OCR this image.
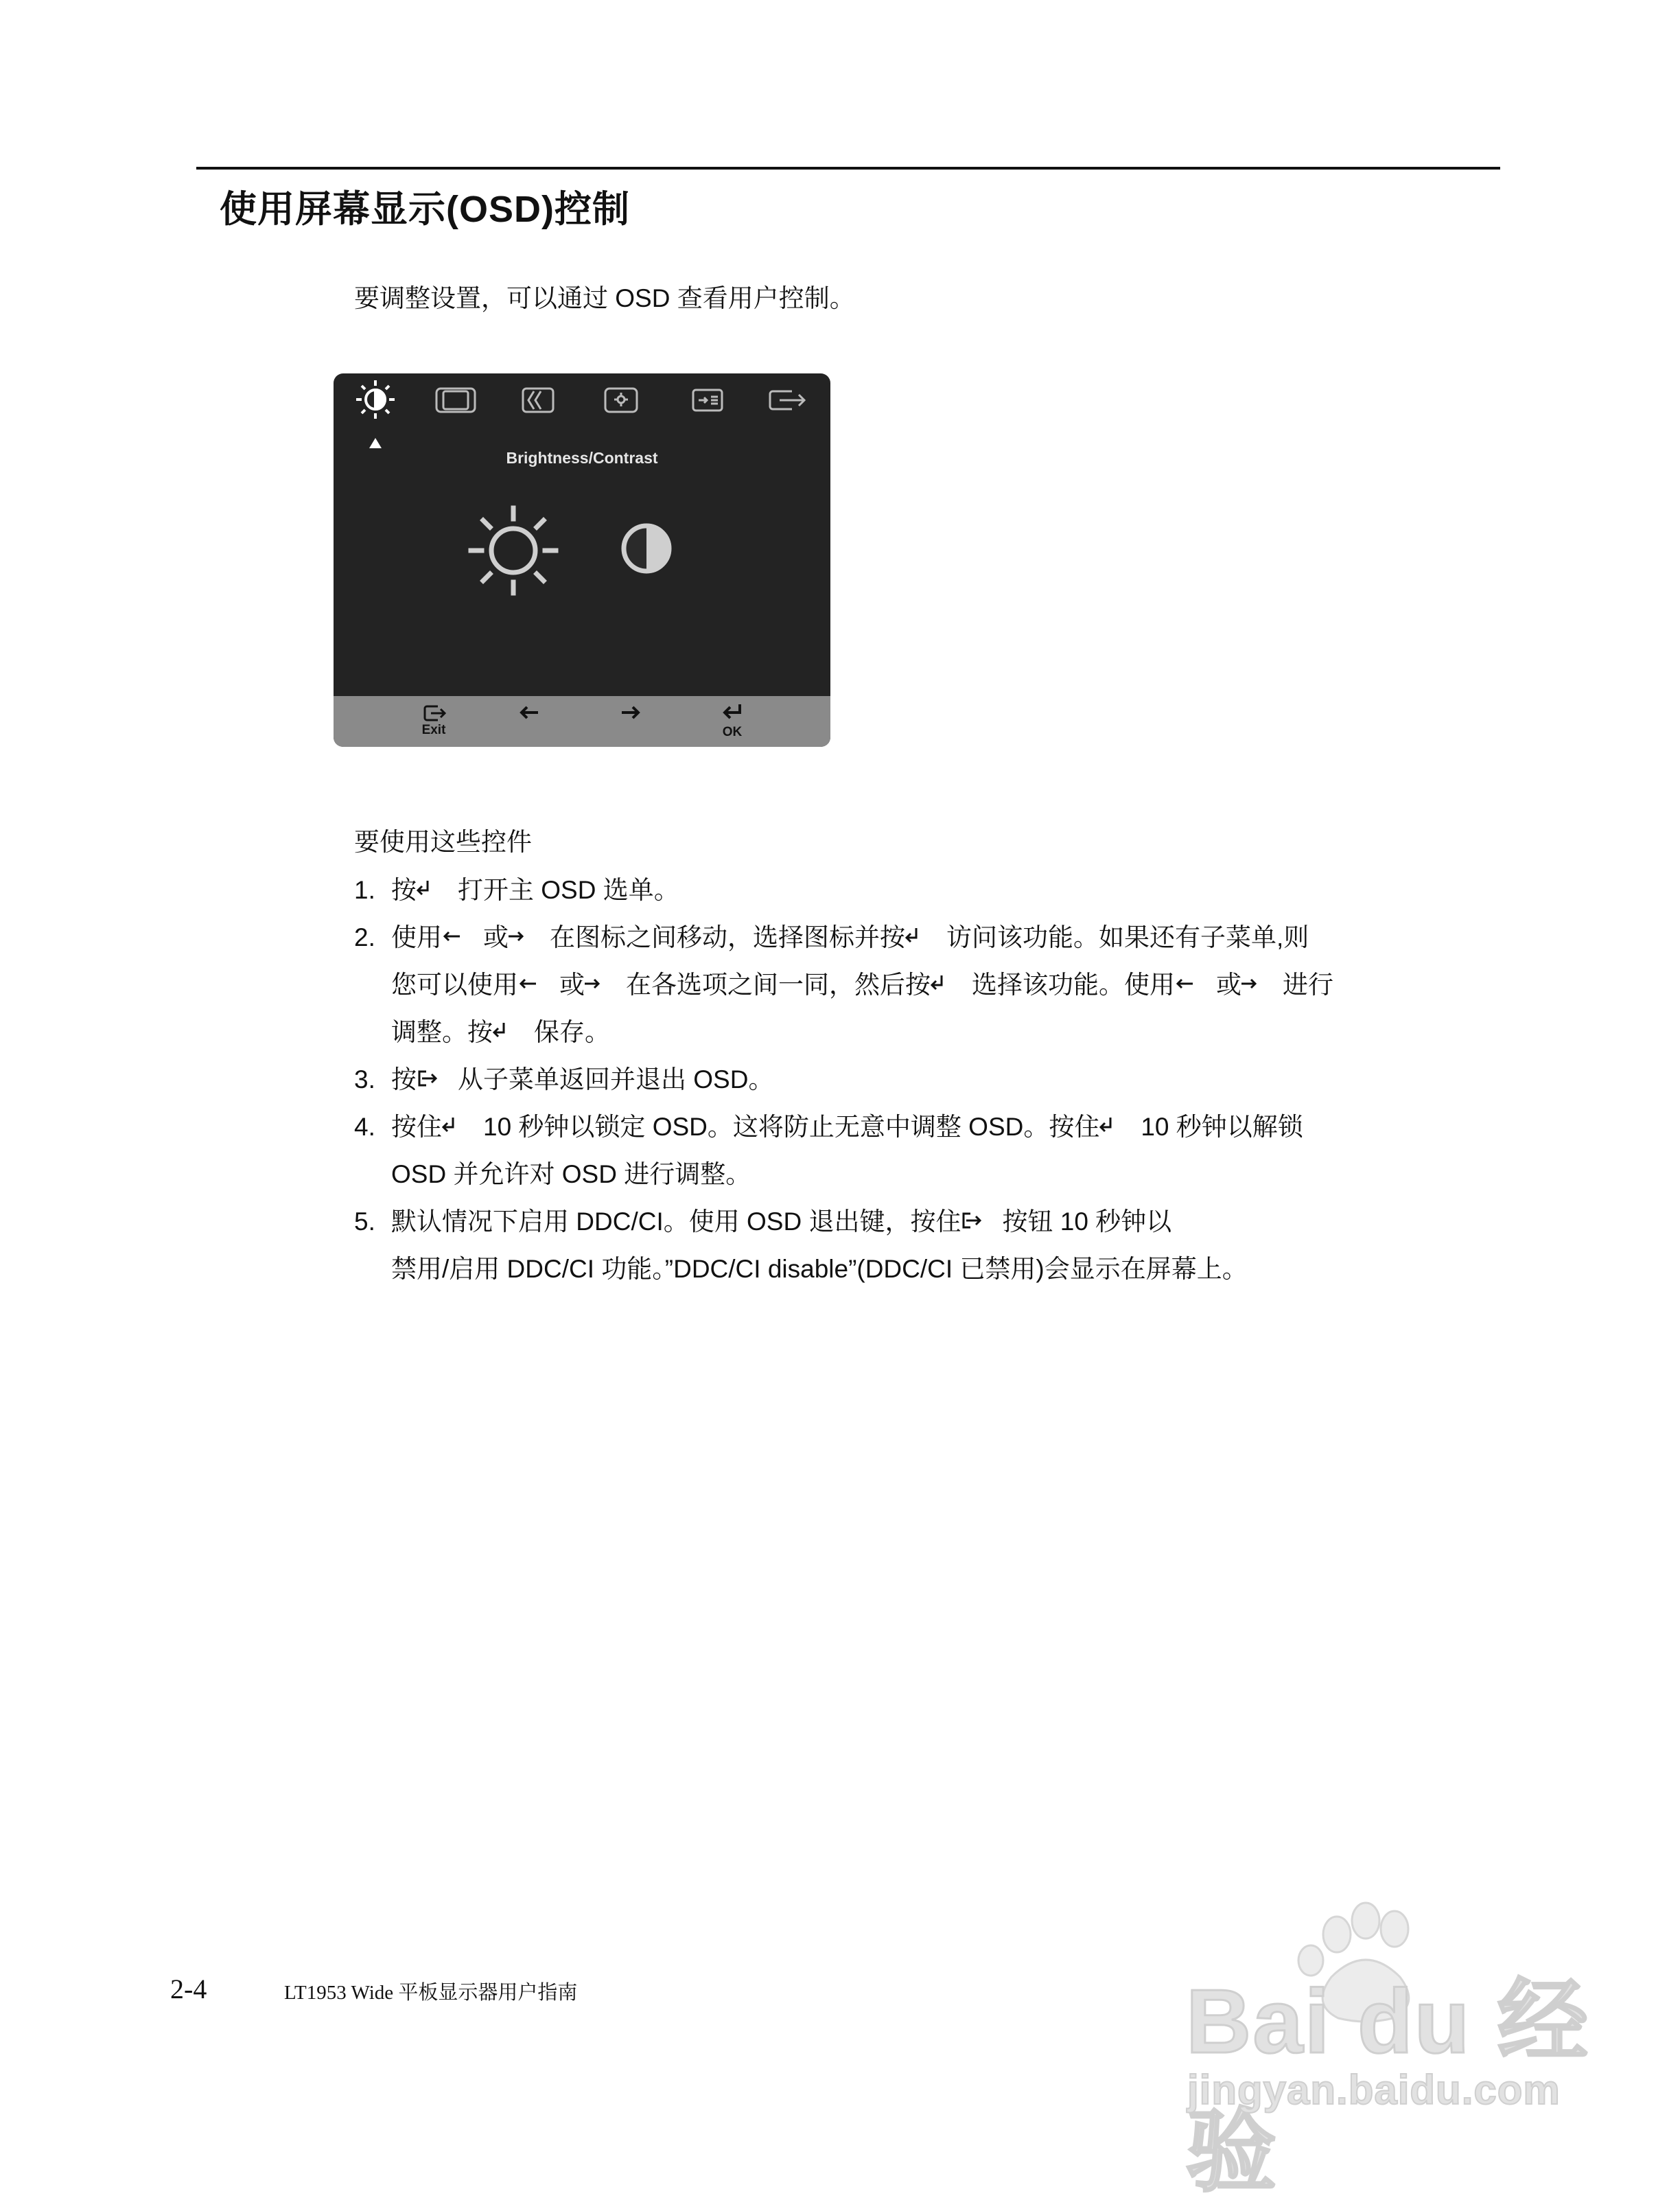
使用屏幕显示(OSD)控制
要调整设置，可以通过 OSD 查看用户控制。
Brightness/Contrast
Exit	OK
要使用这些控件
1. 按 打开主 OSD 选单。
2. 使用 或 在图标之间移动，选择图标并按 访问该功能。如果还有子菜单,则
您可以使用 或 在各选项之间一同，然后按 选择该功能。使用 或 进行
调整。按 保存。
3. 按 从子菜单返回并退出 OSD。
4. 按住 10 秒钟以锁定 OSD。这将防止无意中调整 OSD。按住 10 秒钟以解锁
OSD 并允许对 OSD 进行调整。
5. 默认情况下启用 DDC/CI。使用 OSD 退出键，按住 按钮 10 秒钟以
禁用/启用 DDC/CI 功能。”DDC/CI disable”(DDC/CI 已禁用)会显示在屏幕上。
2-4	LT1953 Wide 平板显示器用户指南	Bai du 经验
jingyan.baidu.com
